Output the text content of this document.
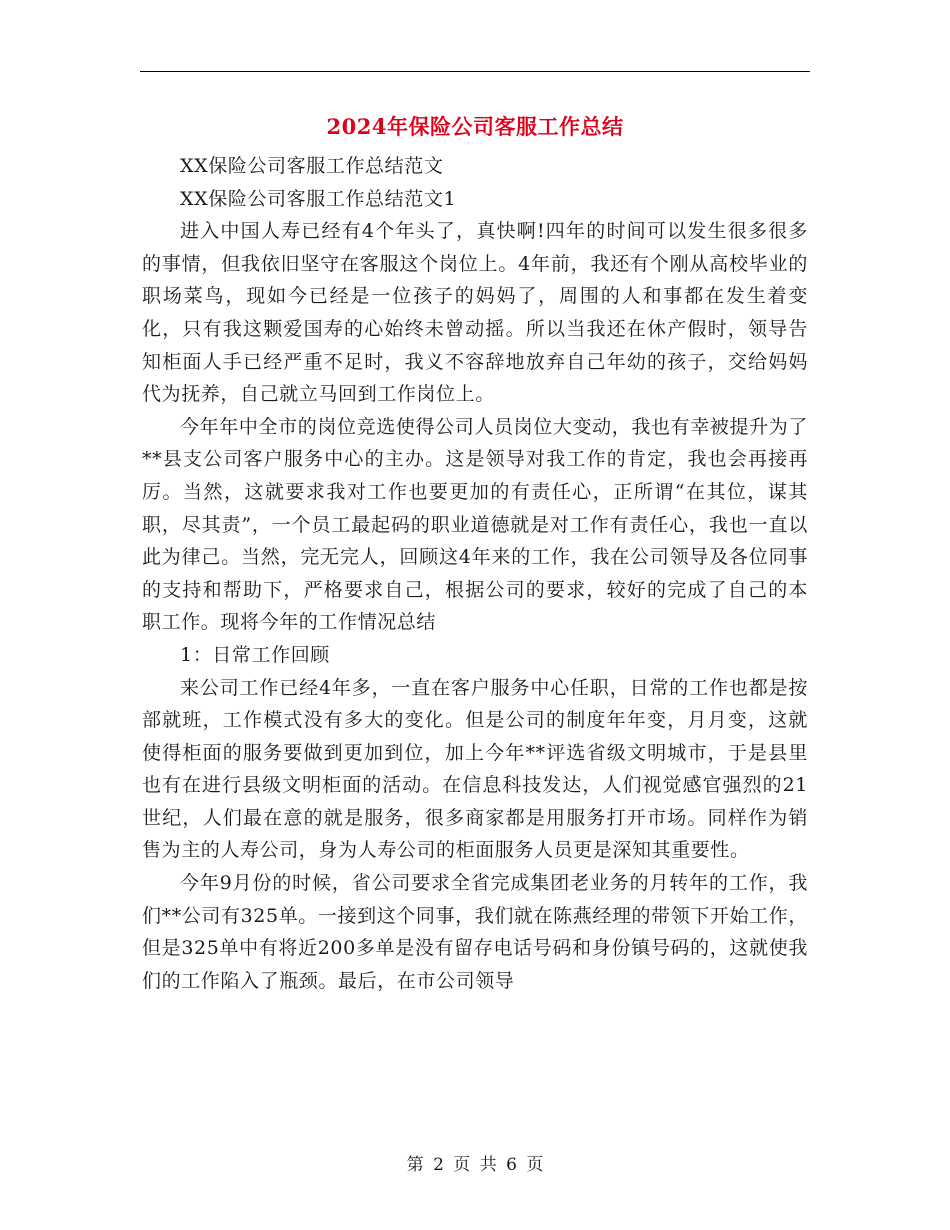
2024年保险公司客服工作总结

XX保险公司客服工作总结范文

XX保险公司客服工作总结范文1

进入中国人寿已经有4个年头了，真快啊!四年的时间可以发生很多很多的事情，但我依旧坚守在客服这个岗位上。4年前，我还有个刚从高校毕业的职场菜鸟，现如今已经是一位孩子的妈妈了，周围的人和事都在发生着变化，只有我这颗爱国寿的心始终未曾动摇。所以当我还在休产假时，领导告知柜面人手已经严重不足时，我义不容辞地放弃自己年幼的孩子，交给妈妈代为抚养，自己就立马回到工作岗位上。

今年年中全市的岗位竞选使得公司人员岗位大变动，我也有幸被提升为了**县支公司客户服务中心的主办。这是领导对我工作的肯定，我也会再接再厉。当然，这就要求我对工作也要更加的有责任心，正所谓“在其位，谋其职，尽其责”，一个员工最起码的职业道德就是对工作有责任心，我也一直以此为律己。当然，完无完人，回顾这4年来的工作，我在公司领导及各位同事的支持和帮助下，严格要求自己，根据公司的要求，较好的完成了自己的本职工作。现将今年的工作情况总结

1：日常工作回顾

来公司工作已经4年多，一直在客户服务中心任职，日常的工作也都是按部就班，工作模式没有多大的变化。但是公司的制度年年变，月月变，这就使得柜面的服务要做到更加到位，加上今年**评选省级文明城市，于是县里也有在进行县级文明柜面的活动。在信息科技发达，人们视觉感官强烈的21世纪，人们最在意的就是服务，很多商家都是用服务打开市场。同样作为销售为主的人寿公司，身为人寿公司的柜面服务人员更是深知其重要性。

今年9月份的时候，省公司要求全省完成集团老业务的月转年的工作，我们**公司有325单。一接到这个同事，我们就在陈燕经理的带领下开始工作，但是325单中有将近200多单是没有留存电话号码和身份镇号码的，这就使我们的工作陷入了瓶颈。最后，在市公司领导

第 2 页 共 6 页
